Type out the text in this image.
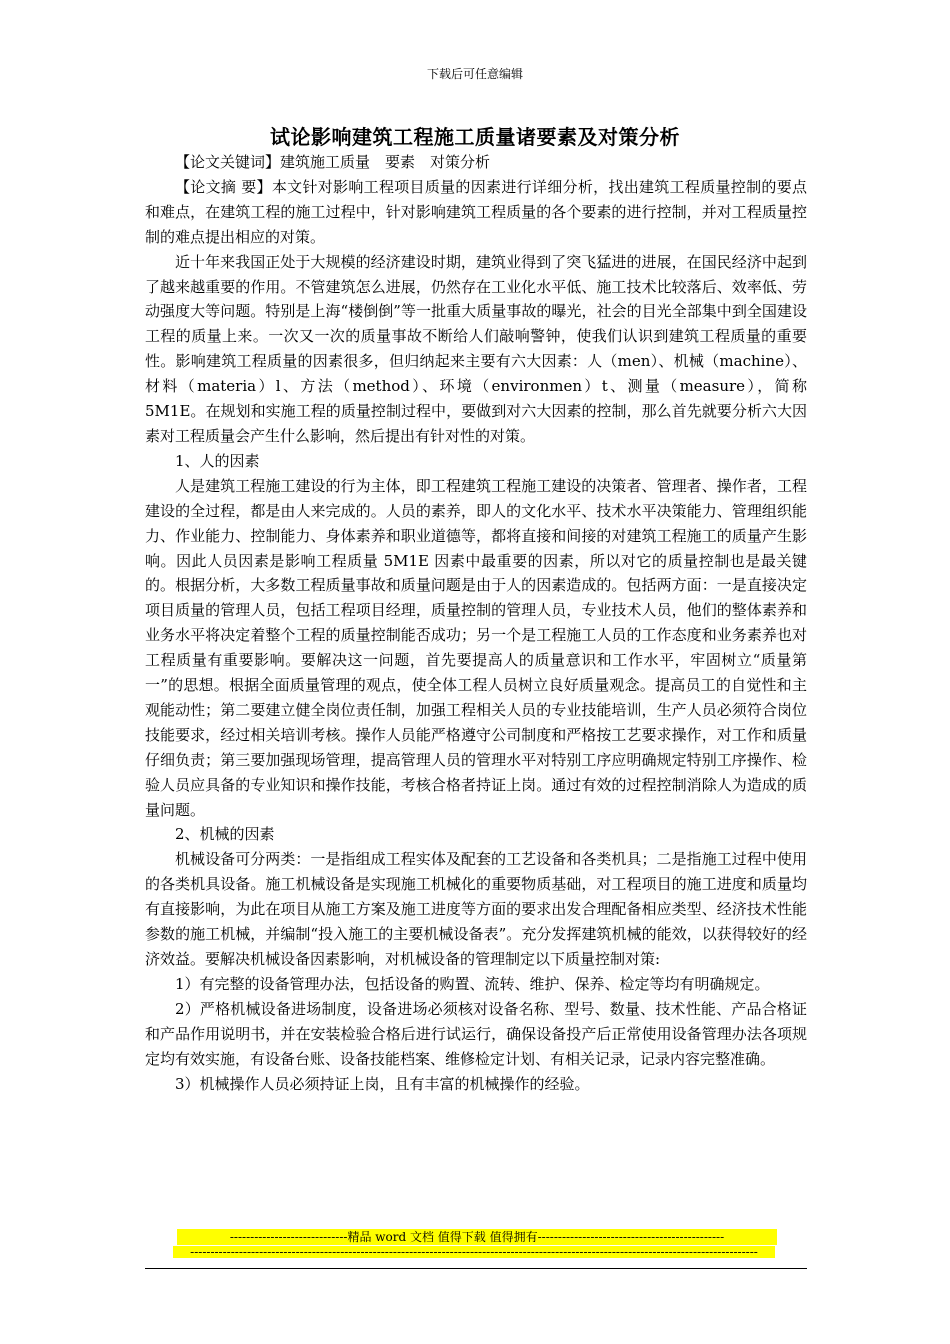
下载后可任意编辑
试论影响建筑工程施工质量诸要素及对策分析

【论文关键词】建筑施工质量　要素　对策分析

【论文摘 要】本文针对影响工程项目质量的因素进行详细分析，找出建筑工程质量控制的要点和难点，在建筑工程的施工过程中，针对影响建筑工程质量的各个要素的进行控制，并对工程质量控制的难点提出相应的对策。

近十年来我国正处于大规模的经济建设时期，建筑业得到了突飞猛进的进展，在国民经济中起到了越来越重要的作用。不管建筑怎么进展，仍然存在工业化水平低、施工技术比较落后、效率低、劳动强度大等问题。特别是上海“楼倒倒”等一批重大质量事故的曝光，社会的目光全部集中到全国建设工程的质量上来。一次又一次的质量事故不断给人们敲响警钟，使我们认识到建筑工程质量的重要性。影响建筑工程质量的因素很多，但归纳起来主要有六大因素：人（men）、机械（machine）、材料（materia）l、方法（method）、环境（environmen）t、测量（measure），简称 5M1E。在规划和实施工程的质量控制过程中，要做到对六大因素的控制，那么首先就要分析六大因素对工程质量会产生什么影响，然后提出有针对性的对策。

1、人的因素

人是建筑工程施工建设的行为主体，即工程建筑工程施工建设的决策者、管理者、操作者，工程建设的全过程，都是由人来完成的。人员的素养，即人的文化水平、技术水平决策能力、管理组织能力、作业能力、控制能力、身体素养和职业道德等，都将直接和间接的对建筑工程施工的质量产生影响。因此人员因素是影响工程质量 5M1E 因素中最重要的因素，所以对它的质量控制也是最关键的。根据分析，大多数工程质量事故和质量问题是由于人的因素造成的。包括两方面：一是直接决定项目质量的管理人员，包括工程项目经理，质量控制的管理人员，专业技术人员，他们的整体素养和业务水平将决定着整个工程的质量控制能否成功；另一个是工程施工人员的工作态度和业务素养也对工程质量有重要影响。要解决这一问题，首先要提高人的质量意识和工作水平，牢固树立“质量第一”的思想。根据全面质量管理的观点，使全体工程人员树立良好质量观念。提高员工的自觉性和主观能动性；第二要建立健全岗位责任制，加强工程相关人员的专业技能培训，生产人员必须符合岗位技能要求，经过相关培训考核。操作人员能严格遵守公司制度和严格按工艺要求操作，对工作和质量仔细负责；第三要加强现场管理，提高管理人员的管理水平对特别工序应明确规定特别工序操作、检验人员应具备的专业知识和操作技能，考核合格者持证上岗。通过有效的过程控制消除人为造成的质量问题。

2、机械的因素

机械设备可分两类：一是指组成工程实体及配套的工艺设备和各类机具；二是指施工过程中使用的各类机具设备。施工机械设备是实现施工机械化的重要物质基础，对工程项目的施工进度和质量均有直接影响，为此在项目从施工方案及施工进度等方面的要求出发合理配备相应类型、经济技术性能参数的施工机械，并编制“投入施工的主要机械设备表”。充分发挥建筑机械的能效，以获得较好的经济效益。要解决机械设备因素影响，对机械设备的管理制定以下质量控制对策:

1）有完整的设备管理办法，包括设备的购置、流转、维护、保养、检定等均有明确规定。

2）严格机械设备进场制度，设备进场必须核对设备名称、型号、数量、技术性能、产品合格证和产品作用说明书，并在安装检验合格后进行试运行，确保设备投产后正常使用设备管理办法各项规定均有效实施，有设备台账、设备技能档案、维修检定计划、有相关记录，记录内容完整准确。

3）机械操作人员必须持证上岗，且有丰富的机械操作的经验。

-----------------------------精品 word 文档 值得下载 值得拥有----------------------------------------------
--------------------------------------------------------------------------------------------------------------------------------------------
